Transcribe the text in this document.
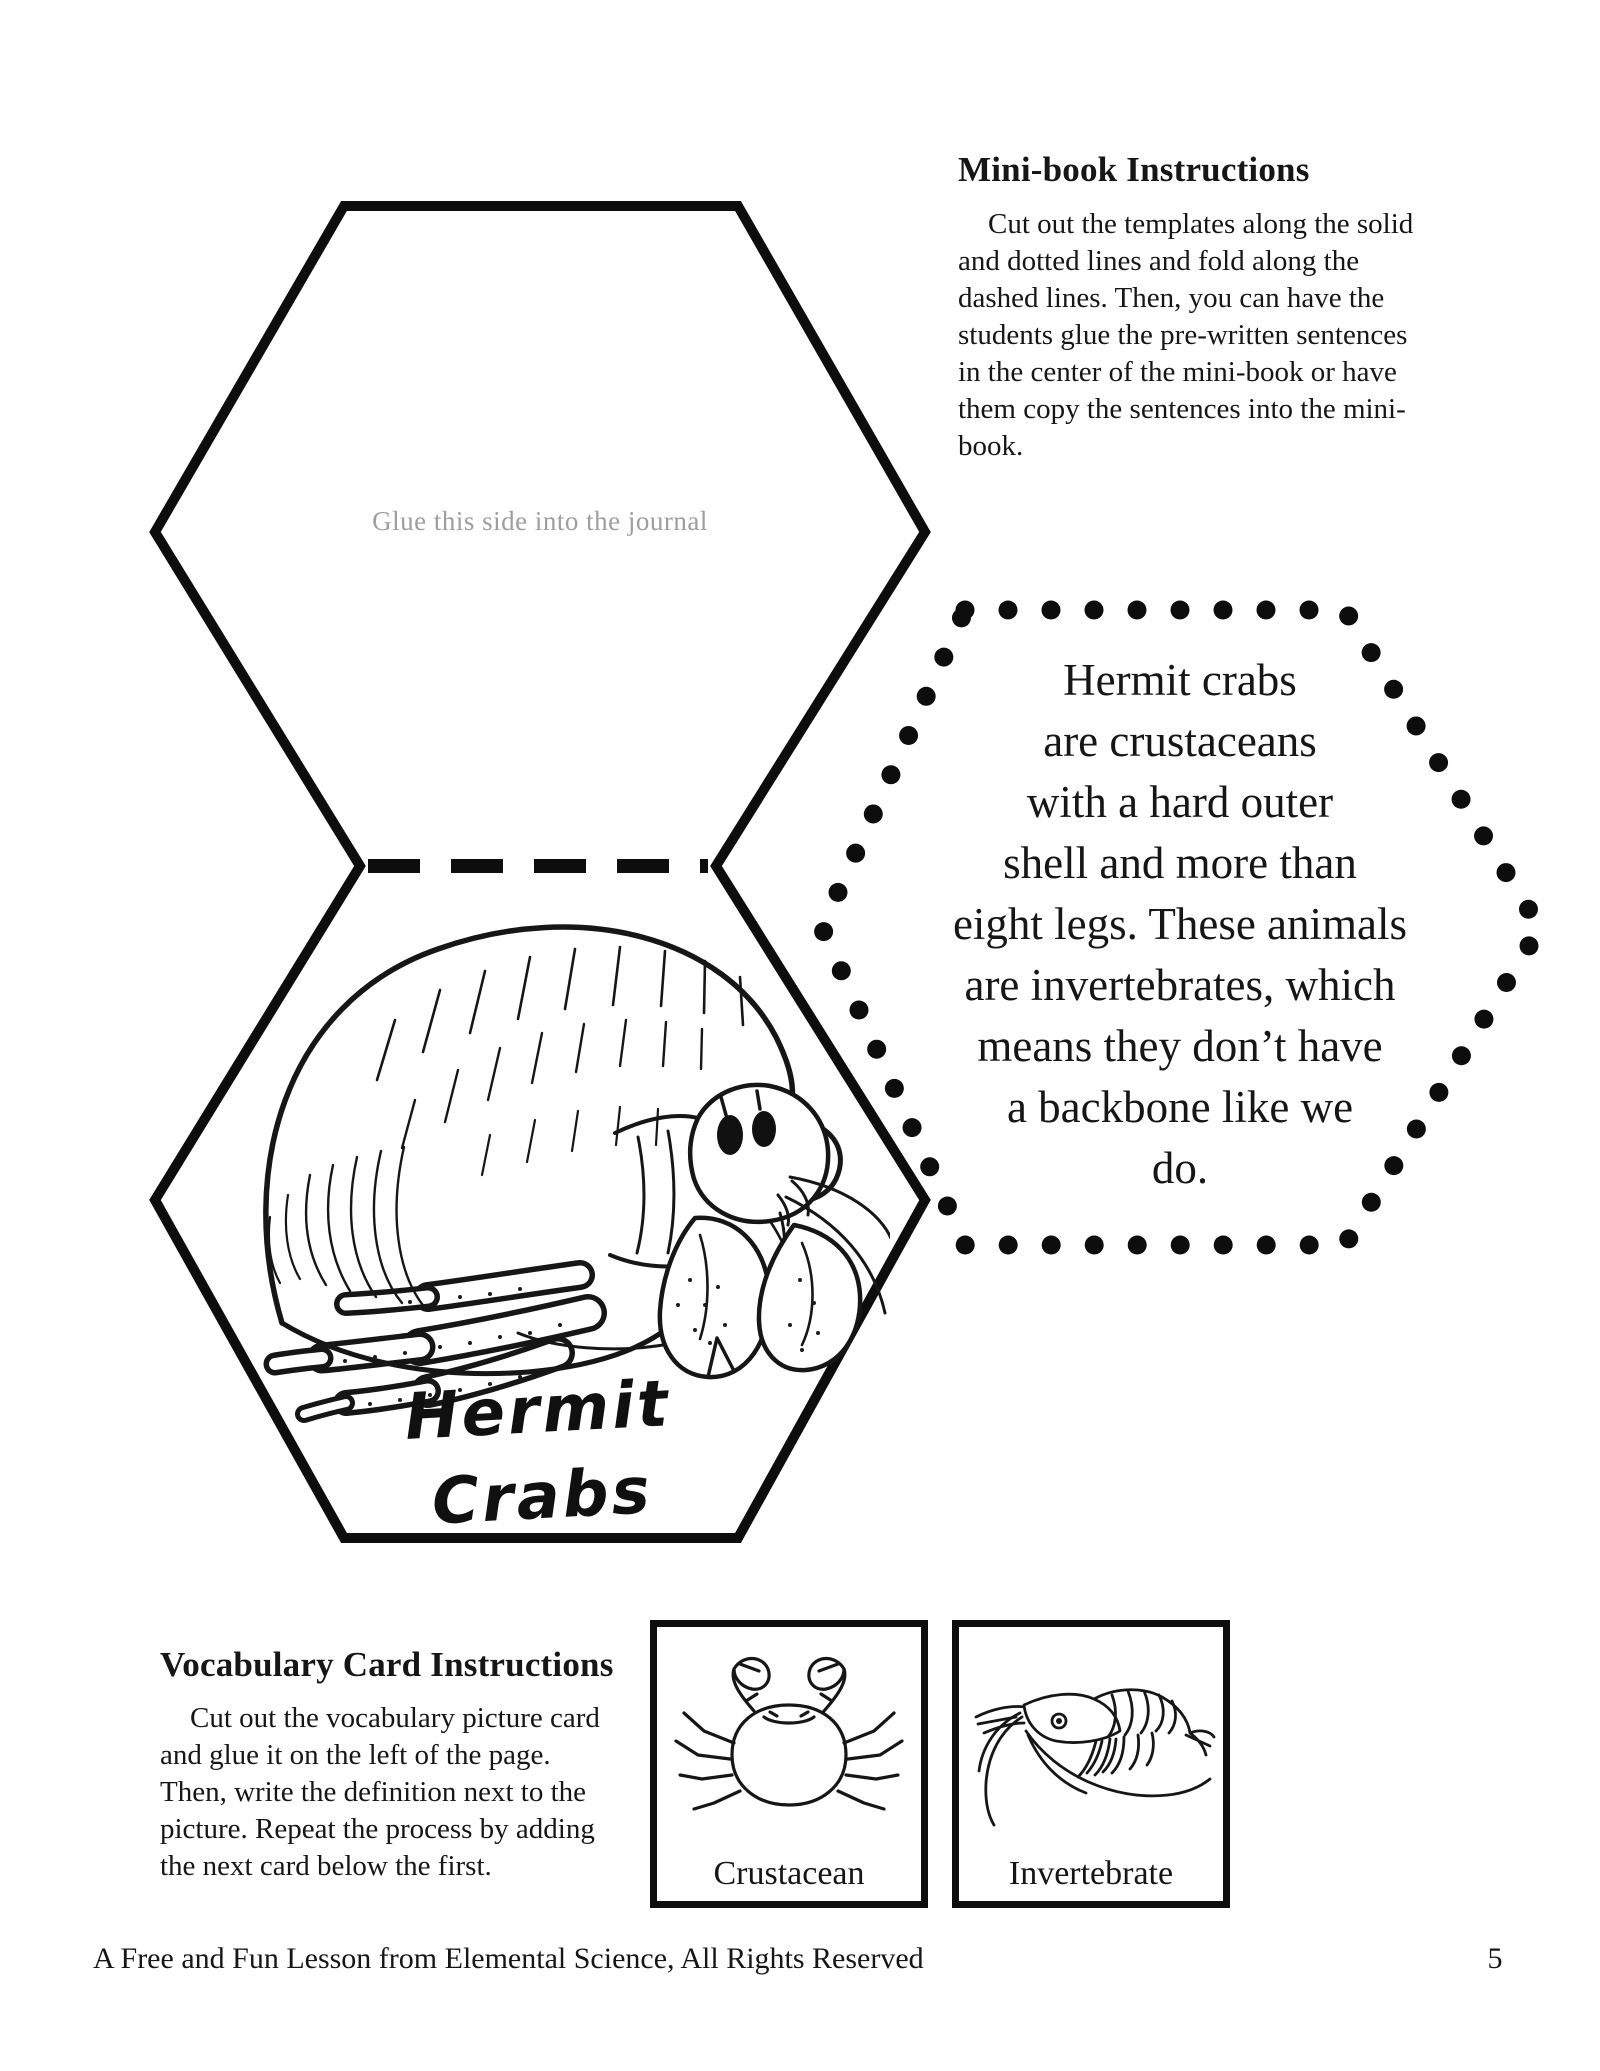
Glue this side into the journal
Hermit
Crabs
Mini-book Instructions
Cut out the templates along the solid
and dotted lines and fold along the
dashed lines. Then, you can have the
students glue the pre-written sentences
in the center of the mini-book or have
them copy the sentences into the mini-
book.
Hermit crabs
are crustaceans
with a hard outer
shell and more than
eight legs. These animals
are invertebrates, which
means they don’t have
a backbone like we
do.
Vocabulary Card Instructions
Cut out the vocabulary picture card
and glue it on the left of the page.
Then, write the definition next to the
picture. Repeat the process by adding
the next card below the first.	Crustacean	Invertebrate
A Free and Fun Lesson from Elemental Science, All Rights Reserved	5
